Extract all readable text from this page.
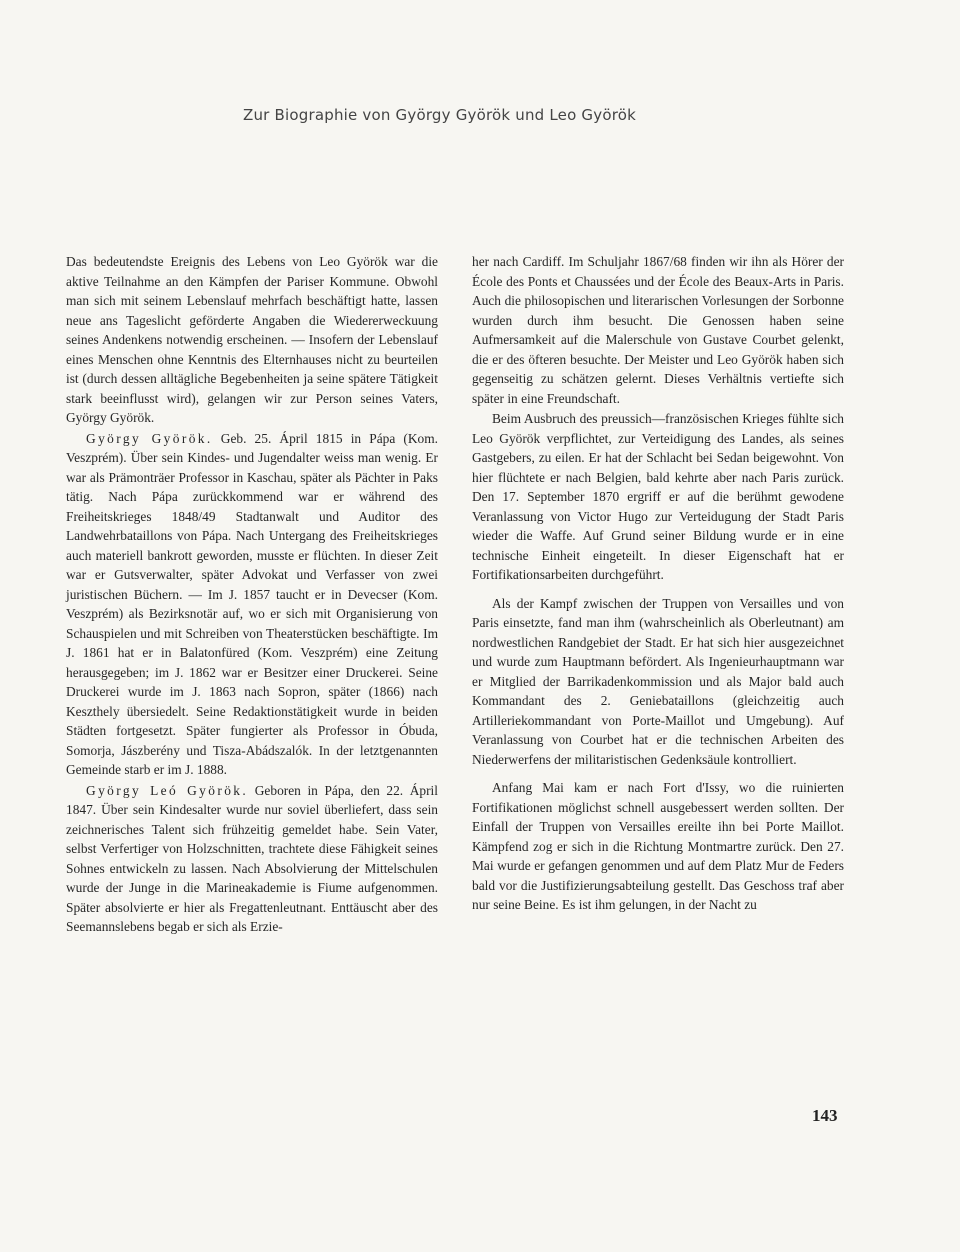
Zur Biographie von György Györök und Leo Györök

Das bedeutendste Ereignis des Lebens von Leo Györök war die aktive Teilnahme an den Kämpfen der Pariser Kommune. Obwohl man sich mit seinem Lebenslauf mehrfach beschäftigt hatte, lassen neue ans Tageslicht geförderte Angaben die Wiedererweckuung seines Andenkens notwendig erscheinen. — Insofern der Lebenslauf eines Menschen ohne Kenntnis des Elternhauses nicht zu beurteilen ist (durch dessen alltägliche Begebenheiten ja seine spätere Tätigkeit stark beeinflusst wird), gelangen wir zur Person seines Vaters, György Györök.

György Györök. Geb. 25. Ápril 1815 in Pápa (Kom. Veszprém). Über sein Kindes- und Jugendalter weiss man wenig. Er war als Prämonträer Professor in Kaschau, später als Pächter in Paks tätig. Nach Pápa zurückkommend war er während des Freiheitskrieges 1848/49 Stadtanwalt und Auditor des Landwehrbataillons von Pápa. Nach Untergang des Freiheitskrieges auch materiell bankrott geworden, musste er flüchten. In dieser Zeit war er Gutsverwalter, später Advokat und Verfasser von zwei juristischen Büchern. — Im J. 1857 taucht er in Devecser (Kom. Veszprém) als Bezirksnotär auf, wo er sich mit Organisierung von Schauspielen und mit Schreiben von Theaterstücken beschäftigte. Im J. 1861 hat er in Balatonfüred (Kom. Veszprém) eine Zeitung herausgegeben; im J. 1862 war er Besitzer einer Druckerei. Seine Druckerei wurde im J. 1863 nach Sopron, später (1866) nach Keszthely übersiedelt. Seine Redaktionstätigkeit wurde in beiden Städten fortgesetzt. Später fungierter als Professor in Óbuda, Somorja, Jászberény und Tisza-Abádszalók. In der letztgenannten Gemeinde starb er im J. 1888.

György Leó Györök. Geboren in Pápa, den 22. Ápril 1847. Über sein Kindesalter wurde nur soviel überliefert, dass sein zeichnerisches Talent sich frühzeitig gemeldet habe. Sein Vater, selbst Verfertiger von Holzschnitten, trachtete diese Fähigkeit seines Sohnes entwickeln zu lassen. Nach Absolvierung der Mittelschulen wurde der Junge in die Marineakademie is Fiume aufgenommen. Später absolvierte er hier als Fregattenleutnant. Enttäuscht aber des Seemannslebens begab er sich als Erzie-

her nach Cardiff. Im Schuljahr 1867/68 finden wir ihn als Hörer der École des Ponts et Chaussées und der École des Beaux-Arts in Paris. Auch die philosopischen und literarischen Vorlesungen der Sorbonne wurden durch ihm besucht. Die Genossen haben seine Aufmersamkeit auf die Malerschule von Gustave Courbet gelenkt, die er des öfteren besuchte. Der Meister und Leo Györök haben sich gegenseitig zu schätzen gelernt. Dieses Verhältnis vertiefte sich später in eine Freundschaft.

Beim Ausbruch des preussich—französischen Krieges fühlte sich Leo Györök verpflichtet, zur Verteidigung des Landes, als seines Gastgebers, zu eilen. Er hat der Schlacht bei Sedan beigewohnt. Von hier flüchtete er nach Belgien, bald kehrte aber nach Paris zurück. Den 17. September 1870 ergriff er auf die berühmt gewodene Veranlassung von Victor Hugo zur Verteidugung der Stadt Paris wieder die Waffe. Auf Grund seiner Bildung wurde er in eine technische Einheit eingeteilt. In dieser Eigenschaft hat er Fortifikationsarbeiten durchgeführt.

Als der Kampf zwischen der Truppen von Versailles und von Paris einsetzte, fand man ihm (wahrscheinlich als Oberleutnant) am nordwestlichen Randgebiet der Stadt. Er hat sich hier ausgezeichnet und wurde zum Hauptmann befördert. Als Ingenieurhauptmann war er Mitglied der Barrikadenkommission und als Major bald auch Kommandant des 2. Geniebataillons (gleichzeitig auch Artilleriekommandant von Porte-Maillot und Umgebung). Auf Veranlassung von Courbet hat er die technischen Arbeiten des Niederwerfens der militaristischen Gedenksäule kontrolliert.

Anfang Mai kam er nach Fort d'Issy, wo die ruinierten Fortifikationen möglichst schnell ausgebessert werden sollten. Der Einfall der Truppen von Versailles ereilte ihn bei Porte Maillot. Kämpfend zog er sich in die Richtung Montmartre zurück. Den 27. Mai wurde er gefangen genommen und auf dem Platz Mur de Feders bald vor die Justifizierungsabteilung gestellt. Das Geschoss traf aber nur seine Beine. Es ist ihm gelungen, in der Nacht zu

143
